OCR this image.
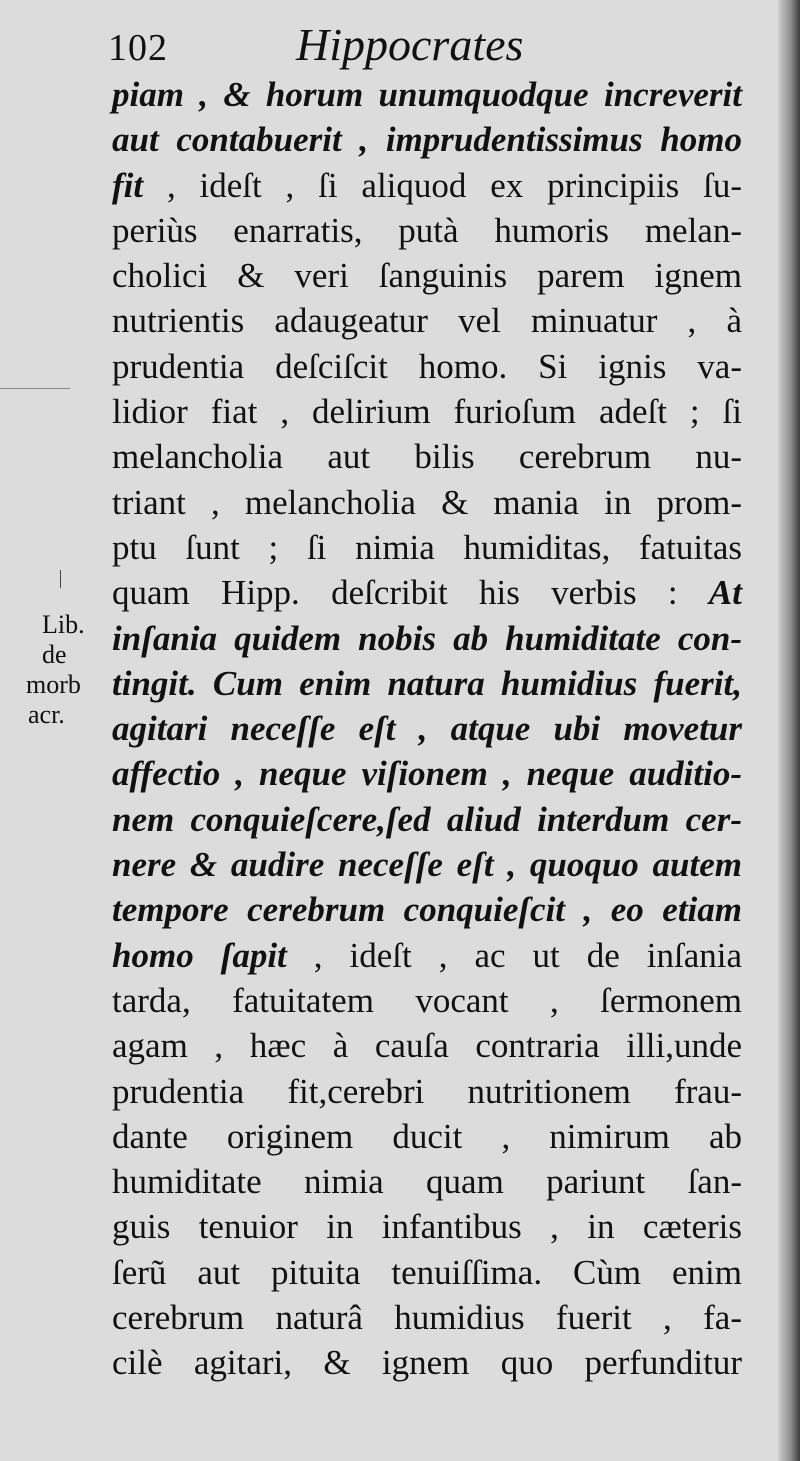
102	Hippocrates
Lib.
de
morb
acr.
piam , & horum unumquodque increverit
aut contabuerit , imprudentissimus homo
fit , ideſt , ſi aliquod ex principiis ſu-
periùs enarratis, putà humoris melan-
cholici & veri ſanguinis parem ignem
nutrientis adaugeatur vel minuatur , à
prudentia deſciſcit homo. Si ignis va-
lidior fiat , delirium furioſum adeſt ; ſi
melancholia aut bilis cerebrum nu-
triant , melancholia & mania in prom-
ptu ſunt ; ſi nimia humiditas, fatuitas
quam Hipp. deſcribit his verbis : At
inſania quidem nobis ab humiditate con-
tingit. Cum enim natura humidius fuerit,
agitari neceſſe eſt , atque ubi movetur
affectio , neque viſionem , neque auditio-
nem conquieſcere,ſed aliud interdum cer-
nere & audire neceſſe eſt , quoquo autem
tempore cerebrum conquieſcit , eo etiam
homo ſapit , ideſt , ac ut de inſania
tarda, fatuitatem vocant , ſermonem
agam , hæc à cauſa contraria illi,unde
prudentia fit,cerebri nutritionem frau-
dante originem ducit , nimirum ab
humiditate nimia quam pariunt ſan-
guis tenuior in infantibus , in cæteris
ſerũ aut pituita tenuiſſima. Cùm enim
cerebrum naturâ humidius fuerit , fa-
cilè agitari, & ignem quo perfunditur
